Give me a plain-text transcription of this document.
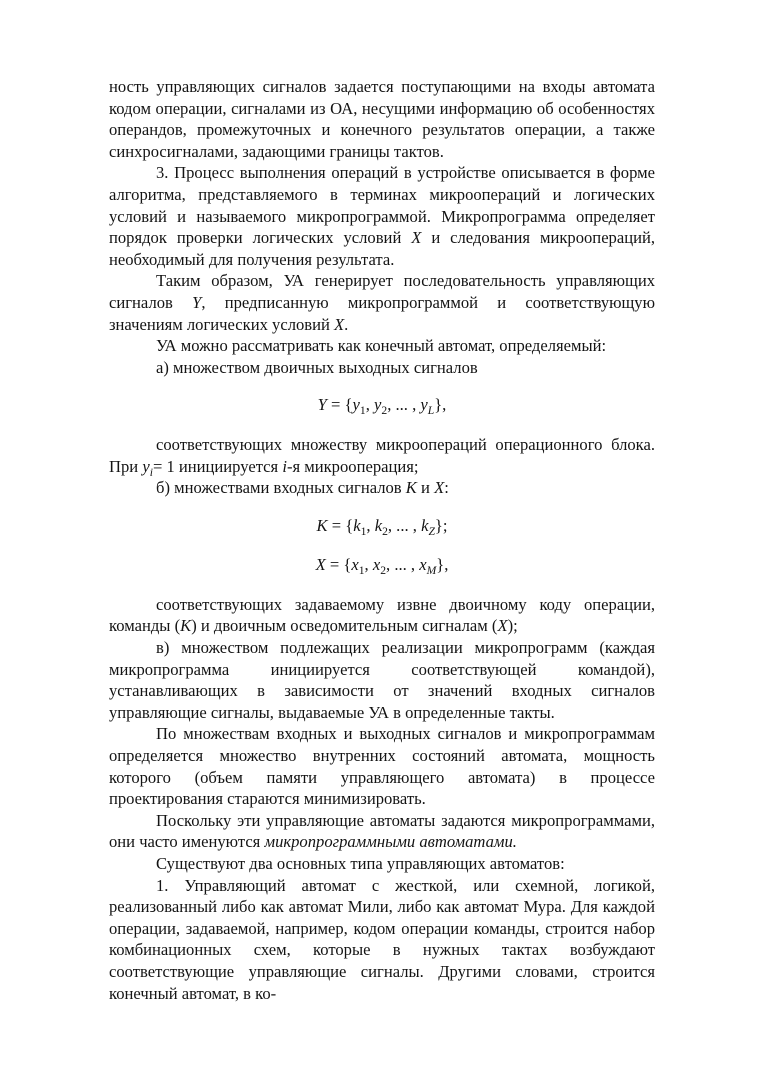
ность управляющих сигналов задается поступающими на входы автомата кодом операции, сигналами из ОА, несущими информацию об особенностях операндов, промежуточных и конечного результатов операции, а также синхросигналами, задающими границы тактов.

3. Процесс выполнения операций в устройстве описывается в форме алгоритма, представляемого в терминах микроопераций и логических условий и называемого микропрограммой. Микропрограмма определяет порядок проверки логических условий X и следования микроопераций, необходимый для получения результата.

Таким образом, УА генерирует последовательность управляющих сигналов Y, предписанную микропрограммой и соответствующую значениям логических условий X.

УА можно рассматривать как конечный автомат, определяемый:

а) множеством двоичных выходных сигналов

$Y = \{y_1$, $y_2$, ... , $y_L$},

соответствующих множеству микроопераций операционного блока. При $y_i= 1$ инициируется i-я микрооперация;

б) множествами входных сигналов K и X:

$K = \{k_1$, $k_2$, ... , $k_Z$};

$X = \{x_1$, $x_2$, ... , $x_M$},

соответствующих задаваемому извне двоичному коду операции, команды (K) и двоичным осведомительным сигналам (X);

в) множеством подлежащих реализации микропрограмм (каждая микропрограмма инициируется соответствующей командой), устанавливающих в зависимости от значений входных сигналов управляющие сигналы, выдаваемые УА в определенные такты.

По множествам входных и выходных сигналов и микропрограммам определяется множество внутренних состояний автомата, мощность которого (объем памяти управляющего автомата) в процессе проектирования стараются минимизировать.

Поскольку эти управляющие автоматы задаются микропрограммами, они часто именуются микропрограммными автоматами.

Существуют два основных типа управляющих автоматов:

1. Управляющий автомат с жесткой, или схемной, логикой, реализованный либо как автомат Мили, либо как автомат Мура. Для каждой операции, задаваемой, например, кодом операции команды, строится набор комбинационных схем, которые в нужных тактах возбуждают соответствующие управляющие сигналы. Другими словами, строится конечный автомат, в ко-
